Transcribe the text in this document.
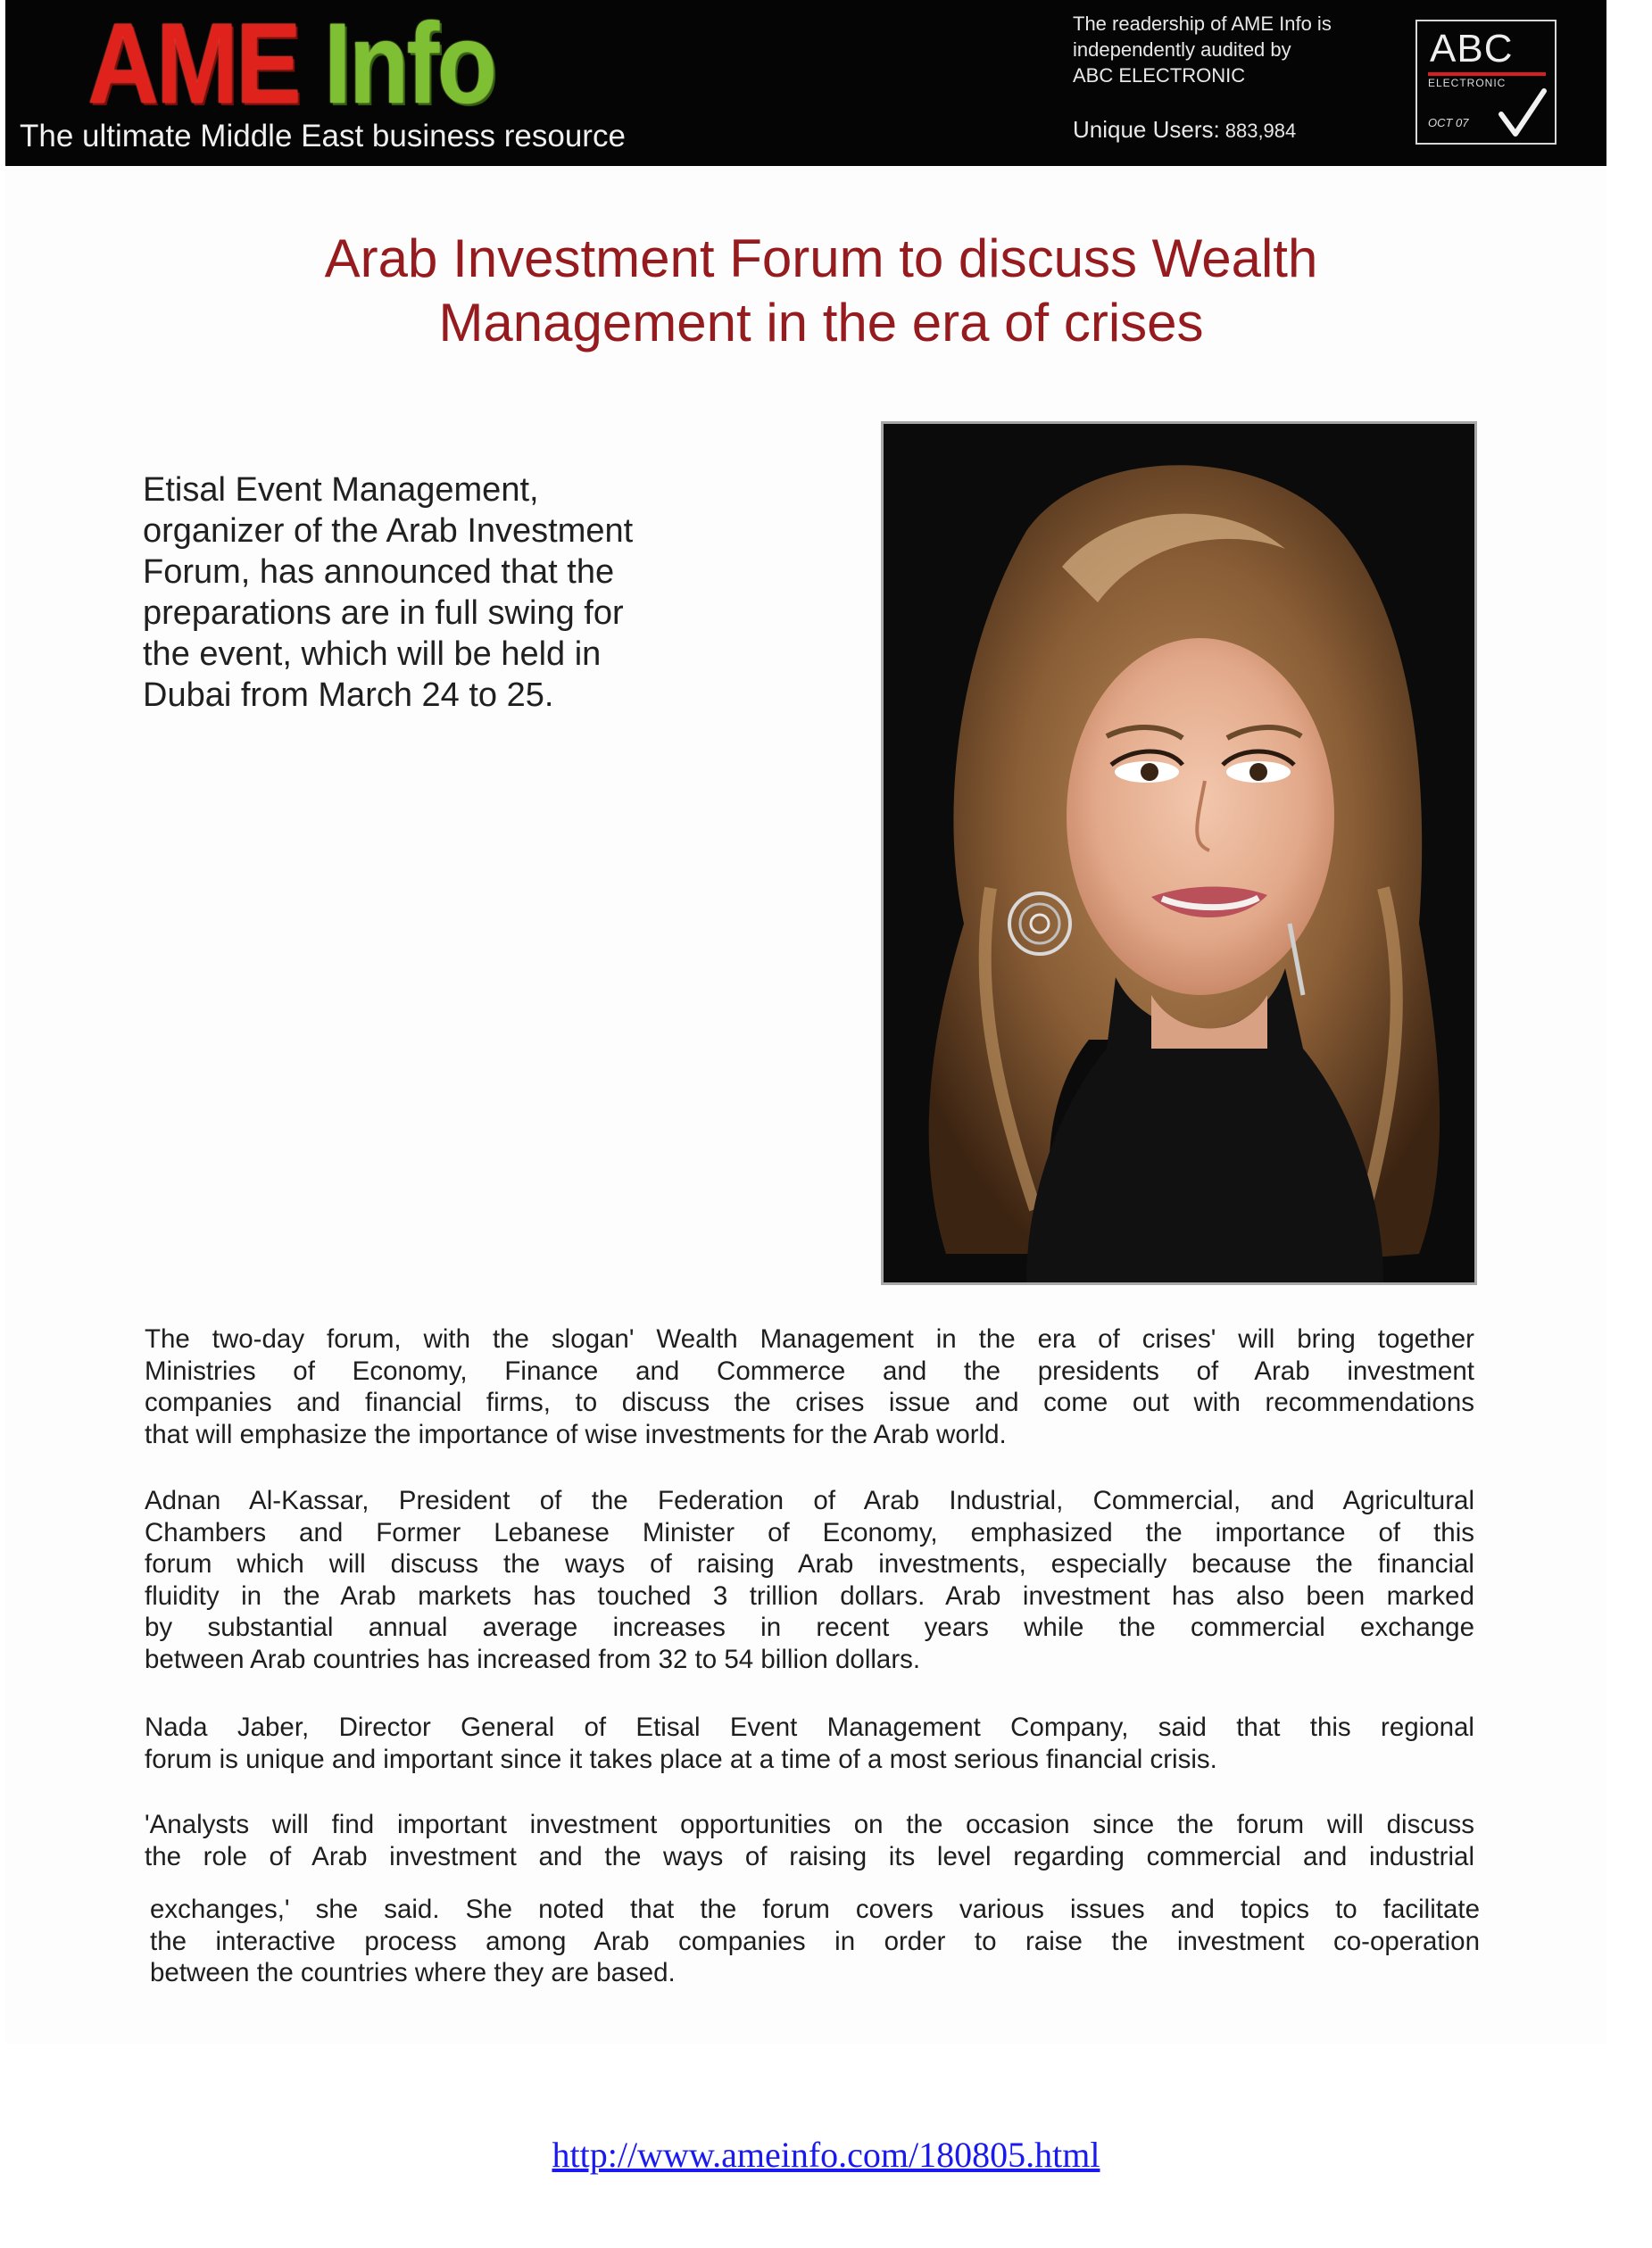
AME Info
The ultimate Middle East business resource
The readership of AME Info is
independently audited by
ABC ELECTRONIC
Unique Users: 883,984
ABC
ELECTRONIC
OCT 07
Arab Investment Forum to discuss Wealth
Management in the era of crises
Etisal Event Management,
organizer of the Arab Investment
Forum, has announced that the
preparations are in full swing for
the event, which will be held in
Dubai from March 24 to 25.
The two-day forum, with the slogan' Wealth Management in the era of crises' will bring together
Ministries of Economy, Finance and Commerce and the presidents of Arab investment
companies and financial firms, to discuss the crises issue and come out with recommendations
that will emphasize the importance of wise investments for the Arab world.
Adnan Al-Kassar, President of the Federation of Arab Industrial, Commercial, and Agricultural
Chambers and Former Lebanese Minister of Economy, emphasized the importance of this
forum which will discuss the ways of raising Arab investments, especially because the financial
fluidity in the Arab markets has touched 3 trillion dollars. Arab investment has also been marked
by substantial annual average increases in recent years while the commercial exchange
between Arab countries has increased from 32 to 54 billion dollars.
Nada Jaber, Director General of Etisal Event Management Company, said that this regional
forum is unique and important since it takes place at a time of a most serious financial crisis.
'Analysts will find important investment opportunities on the occasion since the forum will discuss
the role of Arab investment and the ways of raising its level regarding commercial and industrial
exchanges,' she said. She noted that the forum covers various issues and topics to facilitate
the interactive process among Arab companies in order to raise the investment co-operation
between the countries where they are based.
http://www.ameinfo.com/180805.html
